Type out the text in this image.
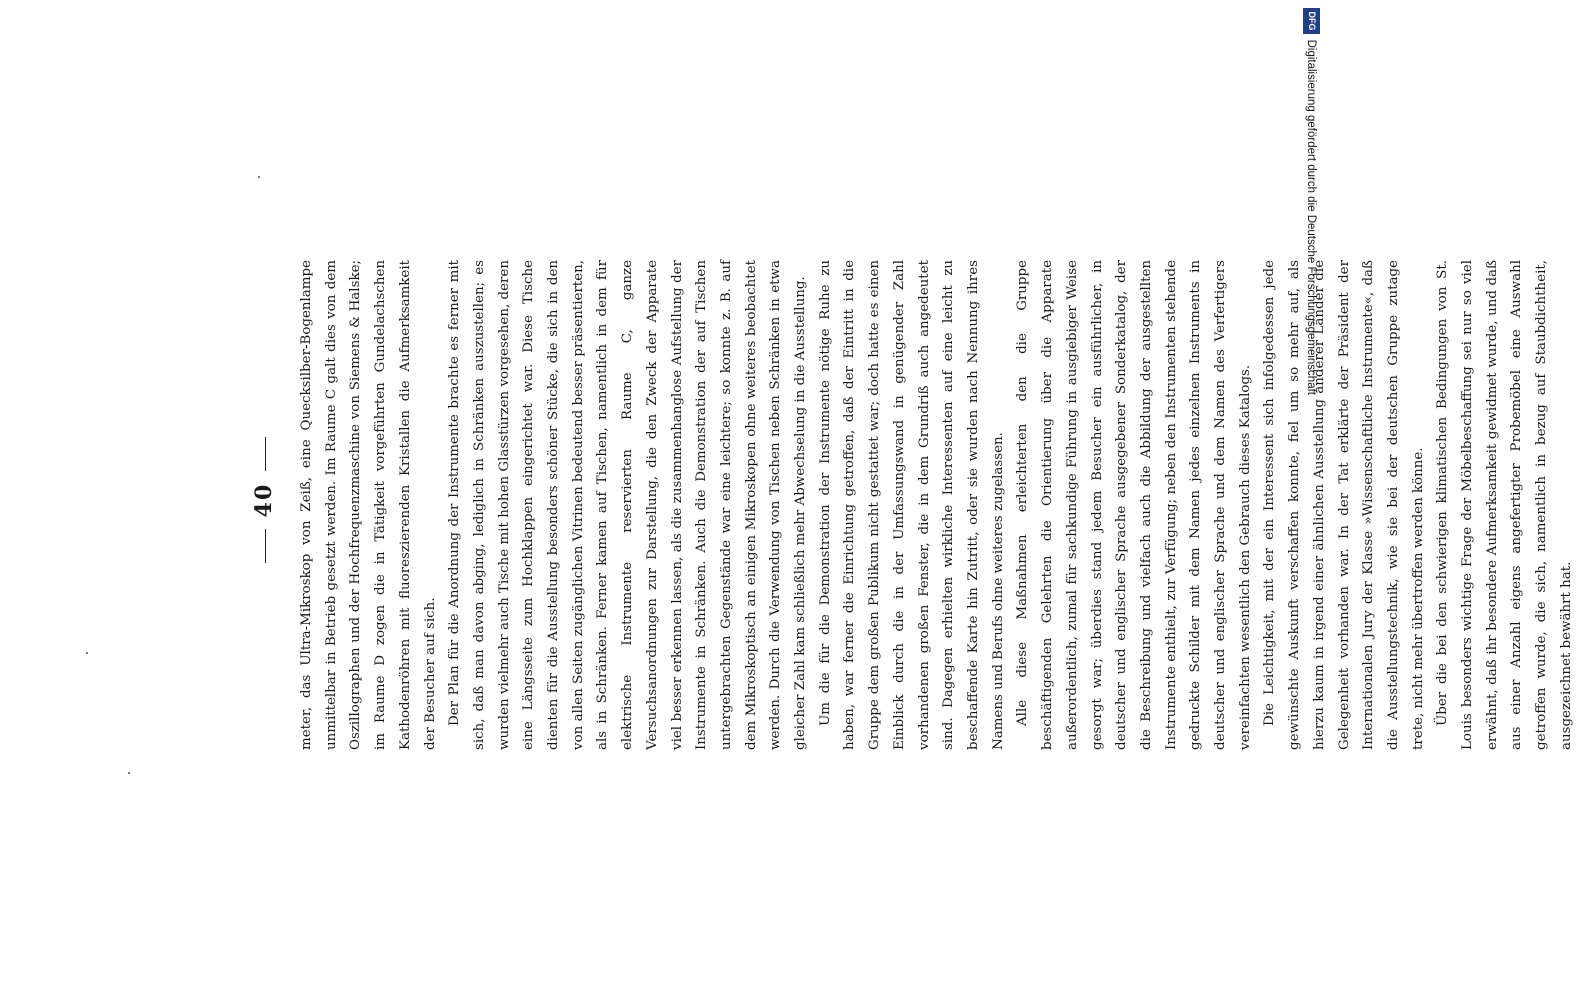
40 meter, das Ultra-Mikroskop von Zeiß, eine Quecksilber-Bogenlampe unmittelbar in Betrieb gesetzt werden. Im Raume C galt dies von dem Oszillographen und der Hochfrequenzmaschine von Siemens & Halske; im Raume D zogen die in Tätigkeit vorgeführten Gundelachschen Kathodenröhren mit fluoreszierenden Kristallen die Aufmerksamkeit der Besucher auf sich. Der Plan für die Anordnung der Instrumente brachte es ferner mit sich, daß man davon abging, lediglich in Schränken auszustellen; es wurden vielmehr auch Tische mit hohen Glasstürzen vorgesehen, deren eine Längsseite zum Hochklappen eingerichtet war. Diese Tische dienten für die Ausstellung besonders schöner Stücke, die sich in den von allen Seiten zugänglichen Vitrinen bedeutend besser präsentierten, als in Schränken. Ferner kamen auf Tischen, namentlich in dem für elektrische Instrumente reservierten Raume C, ganze Versuchsanordnungen zur Darstellung, die den Zweck der Apparate viel besser erkennen lassen, als die zusammenhanglose Aufstellung der Instrumente in Schränken. Auch die Demonstration der auf Tischen untergebrachten Gegenstände war eine leichtere; so konnte z. B. auf dem Mikroskoptisch an einigen Mikroskopen ohne weiteres beobachtet werden. Durch die Verwendung von Tischen neben Schränken in etwa gleicher Zahl kam schließlich mehr Abwechselung in die Ausstellung. Um die für die Demonstration der Instrumente nötige Ruhe zu haben, war ferner die Einrichtung getroffen, daß der Eintritt in die Gruppe dem großen Publikum nicht gestattet war; doch hatte es einen Einblick durch die in der Umfassungswand in genügender Zahl vorhandenen großen Fenster, die in dem Grundriß auch angedeutet sind. Dagegen erhielten wirkliche Interessenten auf eine leicht zu beschaffende Karte hin Zutritt, oder sie wurden nach Nennung ihres Namens und Berufs ohne weiteres zugelassen. Alle diese Maßnahmen erleichterten den die Gruppe beschäftigenden Gelehrten die Orientierung über die Apparate außerordentlich, zumal für sachkundige Führung in ausgiebiger Weise gesorgt war; überdies stand jedem Besucher ein ausführlicher, in deutscher und englischer Sprache ausgegebener Sonderkatalog, der die Beschreibung und vielfach auch die Abbildung der ausgestellten Instrumente enthielt, zur Verfügung; neben den Instrumenten stehende gedruckte Schilder mit dem Namen jedes einzelnen Instruments in deutscher und englischer Sprache und dem Namen des Verfertigers vereinfachten wesentlich den Gebrauch dieses Katalogs. Die Leichtigkeit, mit der ein Interessent sich infolgedessen jede gewünschte Auskunft verschaffen konnte, fiel um so mehr auf, als hierzu kaum in irgend einer ähnlichen Ausstellung anderer Länder die Gelegenheit vorhanden war. In der Tat erklärte der Präsident der Internationalen Jury der Klasse »Wissenschaftliche Instrumente«, daß die Ausstellungstechnik, wie sie bei der deutschen Gruppe zutage trete, nicht mehr übertroffen werden könne. Über die bei den schwierigen klimatischen Bedingungen von St. Louis besonders wichtige Frage der Möbelbeschaffung sei nur so viel erwähnt, daß ihr besondere Aufmerksamkeit gewidmet wurde, und daß aus einer Anzahl eigens angefertigter Probemöbel eine Auswahl getroffen wurde, die sich, namentlich in bezug auf Staubdichtheit, ausgezeichnet bewährt hat.

DFG
Digitalisierung gefördert durch die Deutsche Forschungsgemeinschaft
